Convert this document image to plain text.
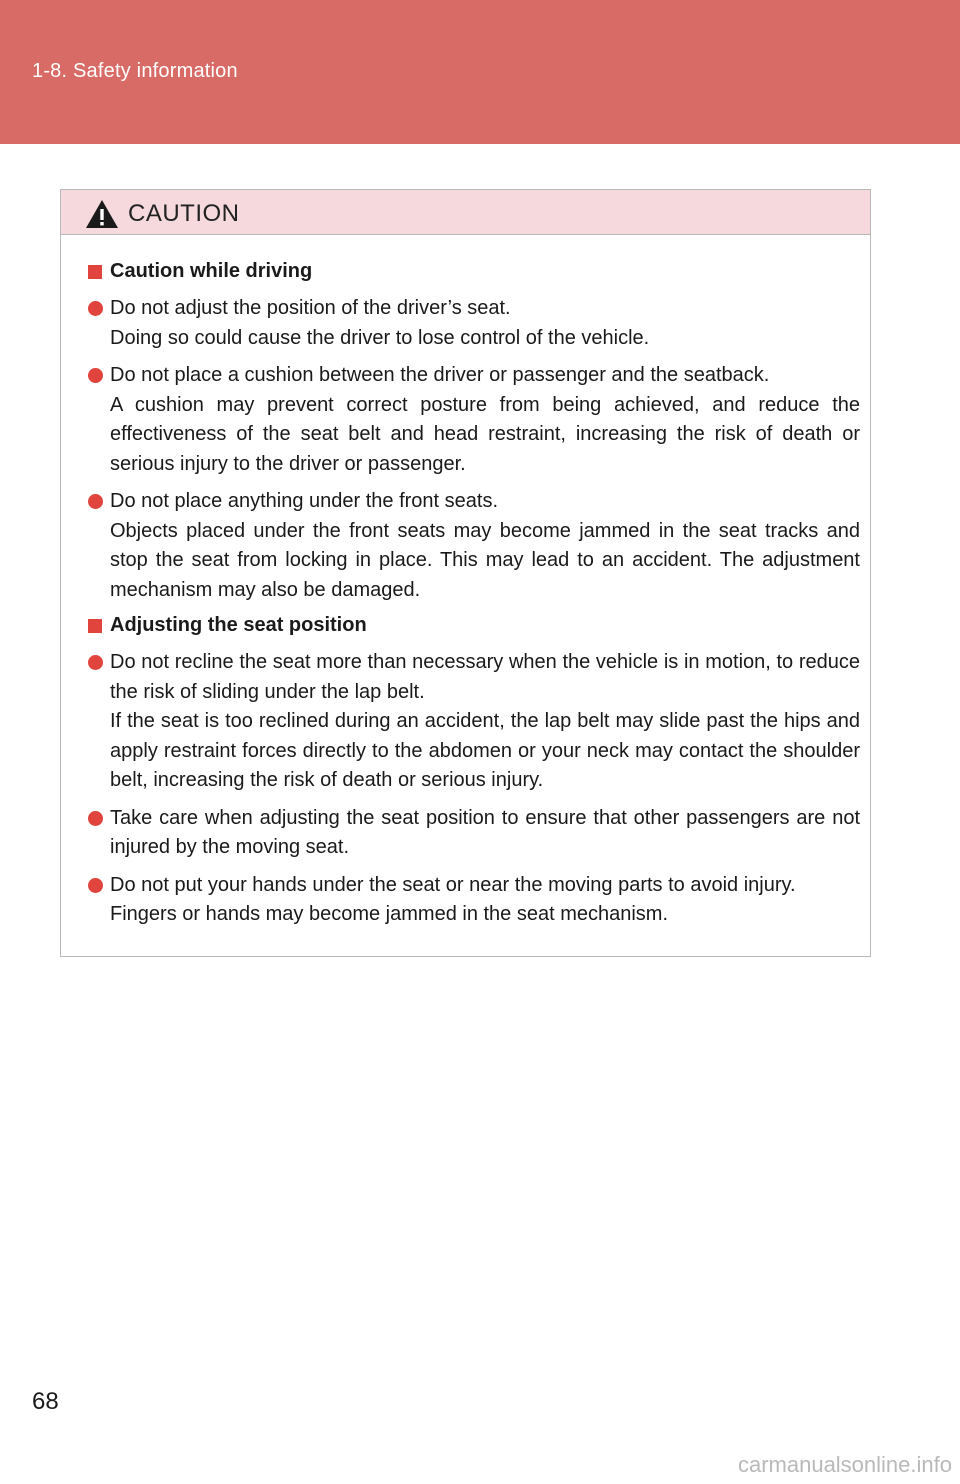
1-8. Safety information
CAUTION
Caution while driving
Do not adjust the position of the driver’s seat.
Doing so could cause the driver to lose control of the vehicle.
Do not place a cushion between the driver or passenger and the seatback.
A cushion may prevent correct posture from being achieved, and reduce the effectiveness of the seat belt and head restraint, increasing the risk of death or serious injury to the driver or passenger.
Do not place anything under the front seats.
Objects placed under the front seats may become jammed in the seat tracks and stop the seat from locking in place. This may lead to an accident. The adjustment mechanism may also be damaged.
Adjusting the seat position
Do not recline the seat more than necessary when the vehicle is in motion, to reduce the risk of sliding under the lap belt.
If the seat is too reclined during an accident, the lap belt may slide past the hips and apply restraint forces directly to the abdomen or your neck may contact the shoulder belt, increasing the risk of death or serious injury.
Take care when adjusting the seat position to ensure that other passengers are not injured by the moving seat.
Do not put your hands under the seat or near the moving parts to avoid injury.
Fingers or hands may become jammed in the seat mechanism.
68
carmanualsonline.info
